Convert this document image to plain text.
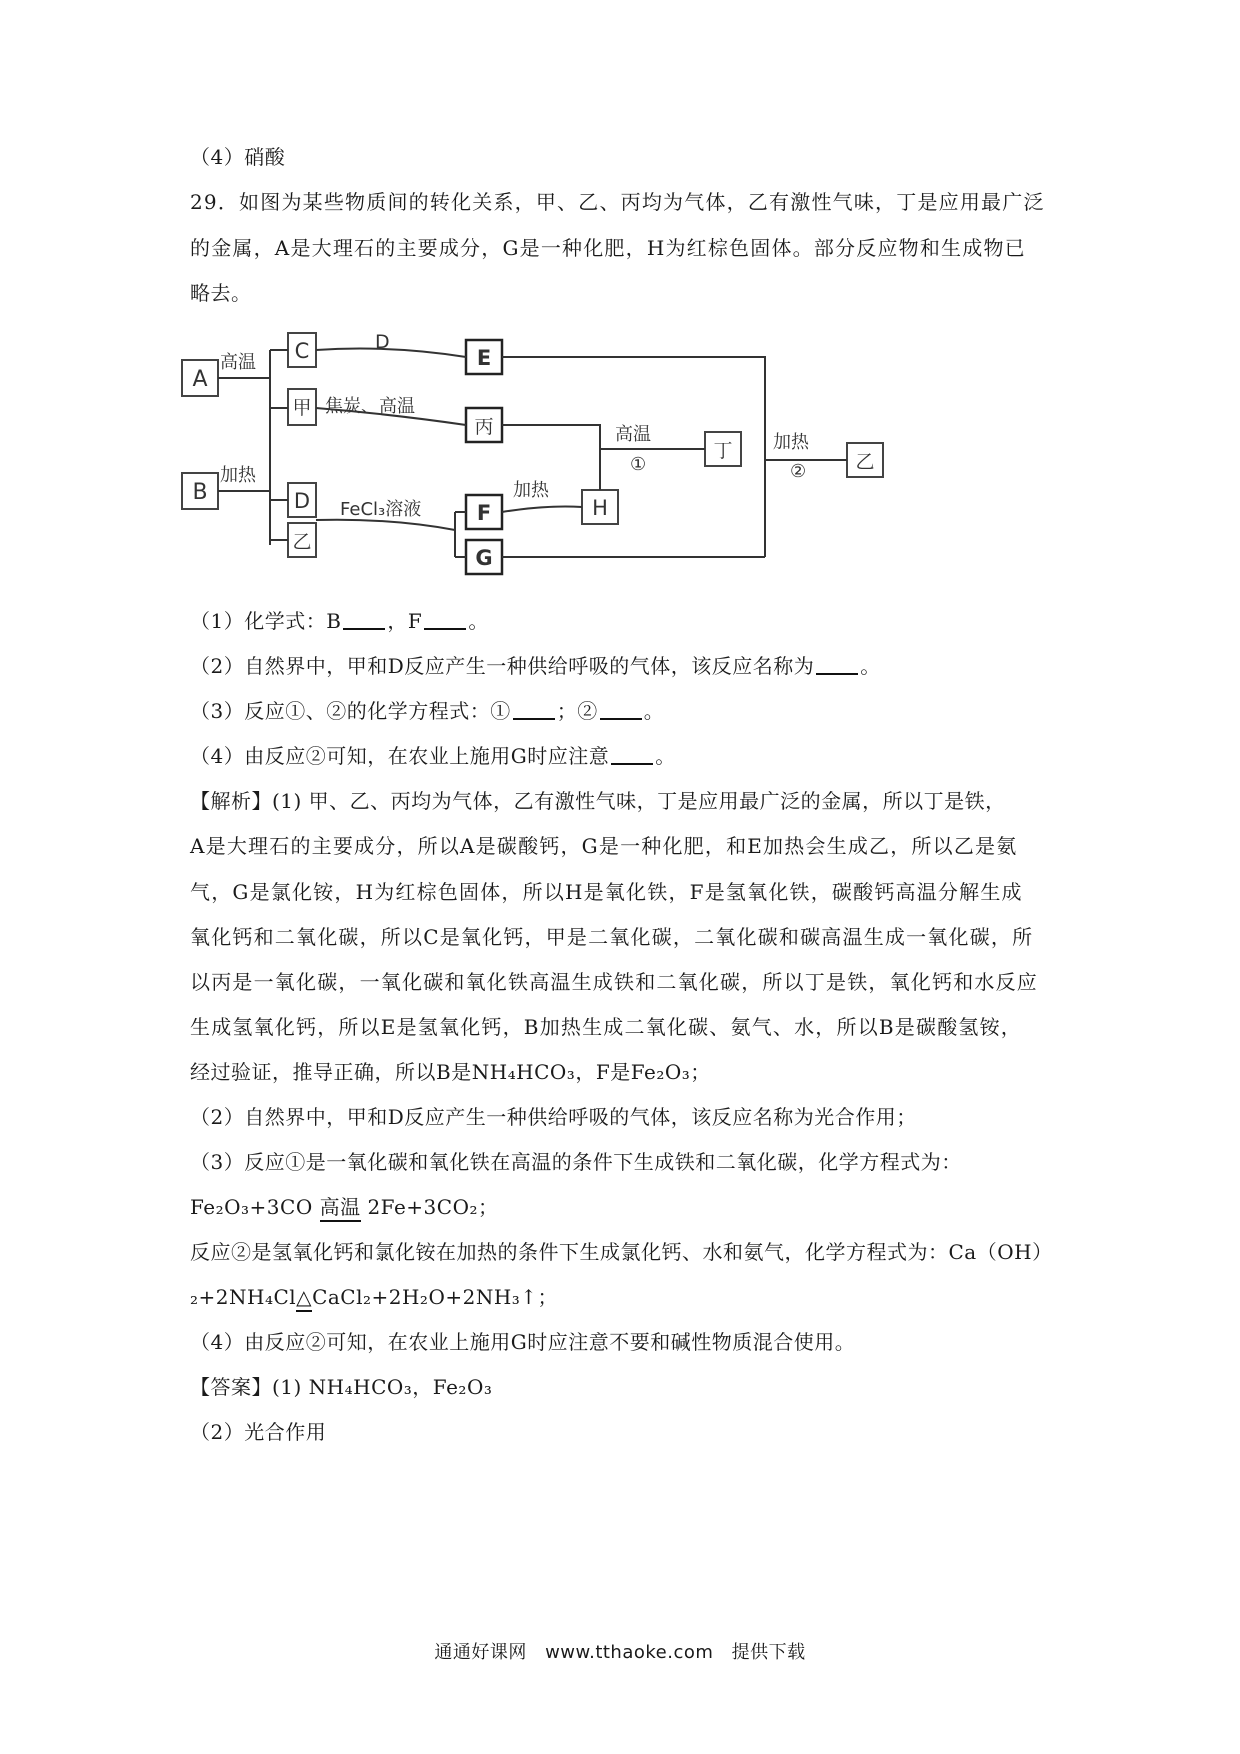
（4）硝酸
29．如图为某些物质间的转化关系，甲、乙、丙均为气体，乙有激性气味，丁是应用最广泛
的金属，A是大理石的主要成分，G是一种化肥，H为红棕色固体。部分反应物和生成物已
略去。
A
B
C
甲
D
乙
E
丙
F
G
H
丁	乙
高温
加热
D
焦炭、高温
FeCl₃溶液
加热
高温
①
加热
②
（1）化学式：B ，F 。
（2）自然界中，甲和D反应产生一种供给呼吸的气体，该反应名称为 。
（3）反应①、②的化学方程式：① ；② 。
（4）由反应②可知，在农业上施用G时应注意 。
【解析】(1) 甲、乙、丙均为气体，乙有激性气味，丁是应用最广泛的金属，所以丁是铁，
A是大理石的主要成分，所以A是碳酸钙，G是一种化肥，和E加热会生成乙，所以乙是氨
气，G是氯化铵，H为红棕色固体，所以H是氧化铁，F是氢氧化铁，碳酸钙高温分解生成
氧化钙和二氧化碳，所以C是氧化钙，甲是二氧化碳，二氧化碳和碳高温生成一氧化碳，所
以丙是一氧化碳，一氧化碳和氧化铁高温生成铁和二氧化碳，所以丁是铁，氧化钙和水反应
生成氢氧化钙，所以E是氢氧化钙，B加热生成二氧化碳、氨气、水，所以B是碳酸氢铵，
经过验证，推导正确，所以B是NH₄HCO₃，F是Fe₂O₃；
（2）自然界中，甲和D反应产生一种供给呼吸的气体，该反应名称为光合作用；
（3）反应①是一氧化碳和氧化铁在高温的条件下生成铁和二氧化碳，化学方程式为：
Fe₂O₃+3CO 高温 2Fe+3CO₂；
反应②是氢氧化钙和氯化铵在加热的条件下生成氯化钙、水和氨气，化学方程式为：Ca（OH）
₂+2NH₄Cl△CaCl₂+2H₂O+2NH₃↑；
（4）由反应②可知，在农业上施用G时应注意不要和碱性物质混合使用。
【答案】(1) NH₄HCO₃，Fe₂O₃
（2）光合作用
通通好课网 www.tthaoke.com 提供下载
